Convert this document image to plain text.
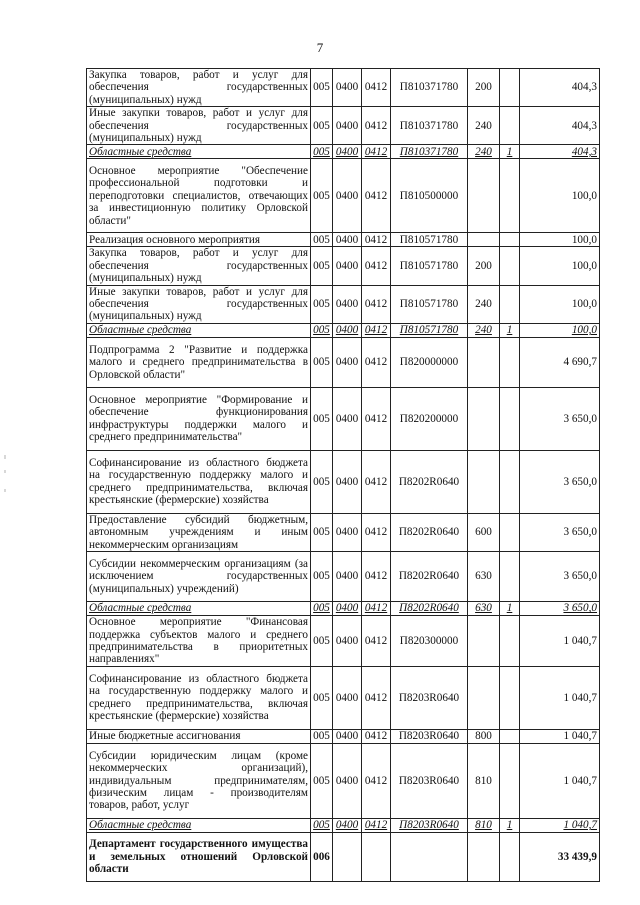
7
Закупка товаров, работ и услуг для обеспечения государственных (муниципальных) нужд	005	0400	0412	П810371780	200		404,3
Иные закупки товаров, работ и услуг для обеспечения государственных (муниципальных) нужд	005	0400	0412	П810371780	240		404,3
Областные средства	005	0400	0412	П810371780	240	1	404,3
Основное мероприятие "Обеспечение профессиональной подготовки и переподготовки специалистов, отвечающих за инвестиционную политику Орловской области"	005	0400	0412	П810500000			100,0
Реализация основного мероприятия	005	0400	0412	П810571780			100,0
Закупка товаров, работ и услуг для обеспечения государственных (муниципальных) нужд	005	0400	0412	П810571780	200		100,0
Иные закупки товаров, работ и услуг для обеспечения государственных (муниципальных) нужд	005	0400	0412	П810571780	240		100,0
Областные средства	005	0400	0412	П810571780	240	1	100,0
Подпрограмма 2 "Развитие и поддержка малого и среднего предпринимательства в Орловской области"	005	0400	0412	П820000000			4 690,7
Основное мероприятие "Формирование и обеспечение функционирования инфраструктуры поддержки малого и среднего предпринимательства"	005	0400	0412	П820200000			3 650,0
Софинансирование из областного бюджета на государственную поддержку малого и среднего предпринимательства, включая крестьянские (фермерские) хозяйства	005	0400	0412	П8202R0640			3 650,0
Предоставление субсидий бюджетным, автономным учреждениям и иным некоммерческим организациям	005	0400	0412	П8202R0640	600		3 650,0
Субсидии некоммерческим организациям (за исключением государственных (муниципальных) учреждений)	005	0400	0412	П8202R0640	630		3 650,0
Областные средства	005	0400	0412	П8202R0640	630	1	3 650,0
Основное мероприятие "Финансовая поддержка субъектов малого и среднего предпринимательства в приоритетных направлениях"	005	0400	0412	П820300000			1 040,7
Софинансирование из областного бюджета на государственную поддержку малого и среднего предпринимательства, включая крестьянские (фермерские) хозяйства	005	0400	0412	П8203R0640			1 040,7
Иные бюджетные ассигнования	005	0400	0412	П8203R0640	800		1 040,7
Субсидии юридическим лицам (кроме некоммерческих организаций), индивидуальным предпринимателям, физическим лицам - производителям товаров, работ, услуг	005	0400	0412	П8203R0640	810		1 040,7
Областные средства	005	0400	0412	П8203R0640	810	1	1 040,7
Департамент государственного имущества и земельных отношений Орловской области	006						33 439,9
